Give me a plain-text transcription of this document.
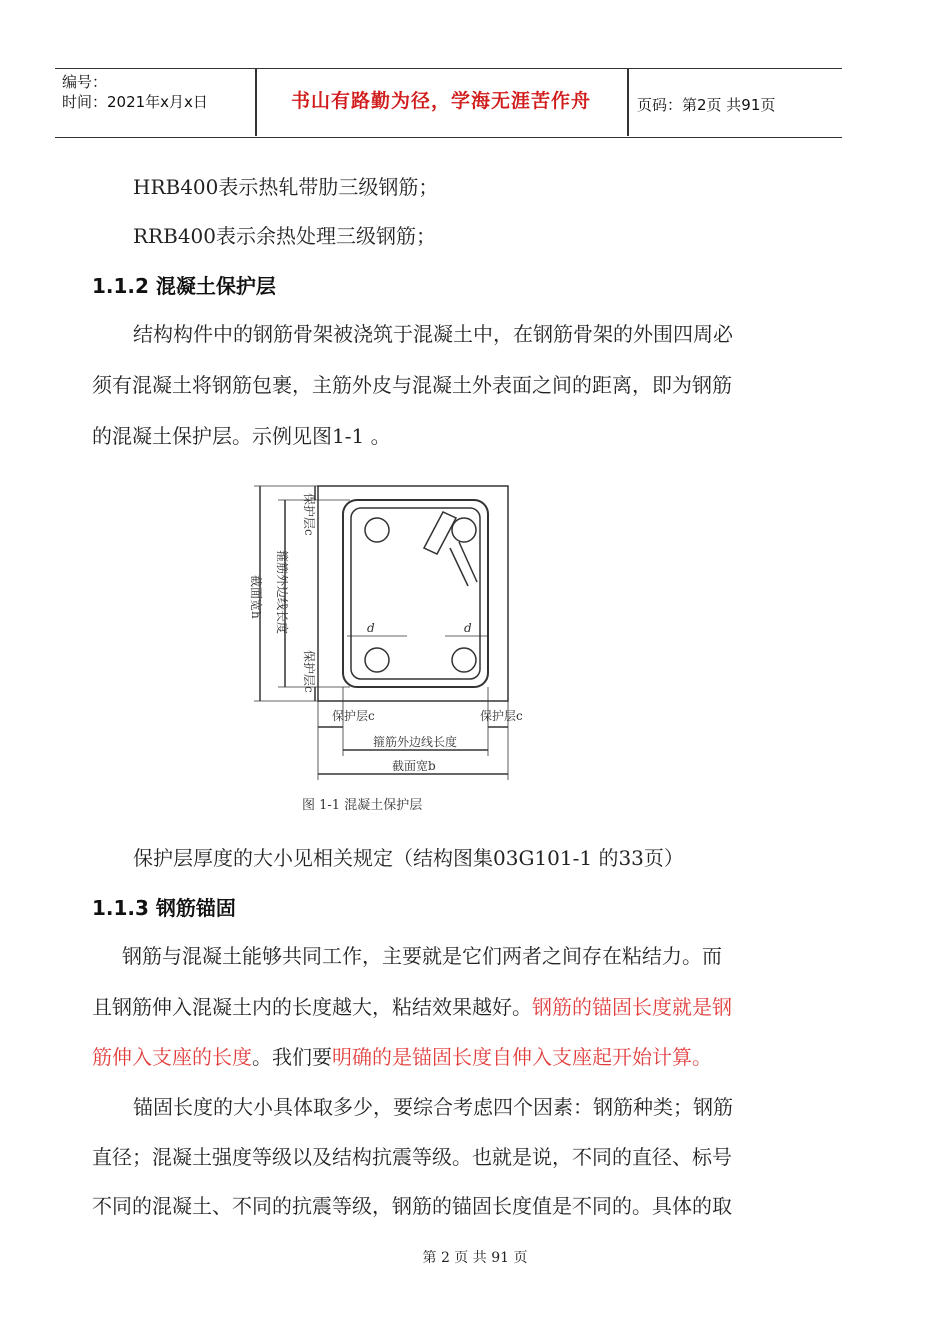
编号：
时间：2021年x月x日	书山有路勤为径，学海无涯苦作舟	页码：第2页 共91页
HRB400表示热轧带肋三级钢筋；
RRB400表示余热处理三级钢筋；
1.1.2 混凝土保护层
结构构件中的钢筋骨架被浇筑于混凝土中，在钢筋骨架的外围四周必
须有混凝土将钢筋包裹，主筋外皮与混凝土外表面之间的距离，即为钢筋
的混凝土保护层。示例见图1-1 。
保护层c
箍筋外边线长度
截面宽h
保护层c
d	d
保护层c	保护层c
箍筋外边线长度
截面宽b
图 1-1 混凝土保护层
保护层厚度的大小见相关规定（结构图集03G101-1 的33页）
1.1.3 钢筋锚固
钢筋与混凝土能够共同工作，主要就是它们两者之间存在粘结力。而
且钢筋伸入混凝土内的长度越大，粘结效果越好。钢筋的锚固长度就是钢
筋伸入支座的长度。我们要明确的是锚固长度自伸入支座起开始计算。
锚固长度的大小具体取多少，要综合考虑四个因素：钢筋种类；钢筋
直径；混凝土强度等级以及结构抗震等级。也就是说，不同的直径、标号
不同的混凝土、不同的抗震等级，钢筋的锚固长度值是不同的。具体的取
第 2 页 共 91 页
